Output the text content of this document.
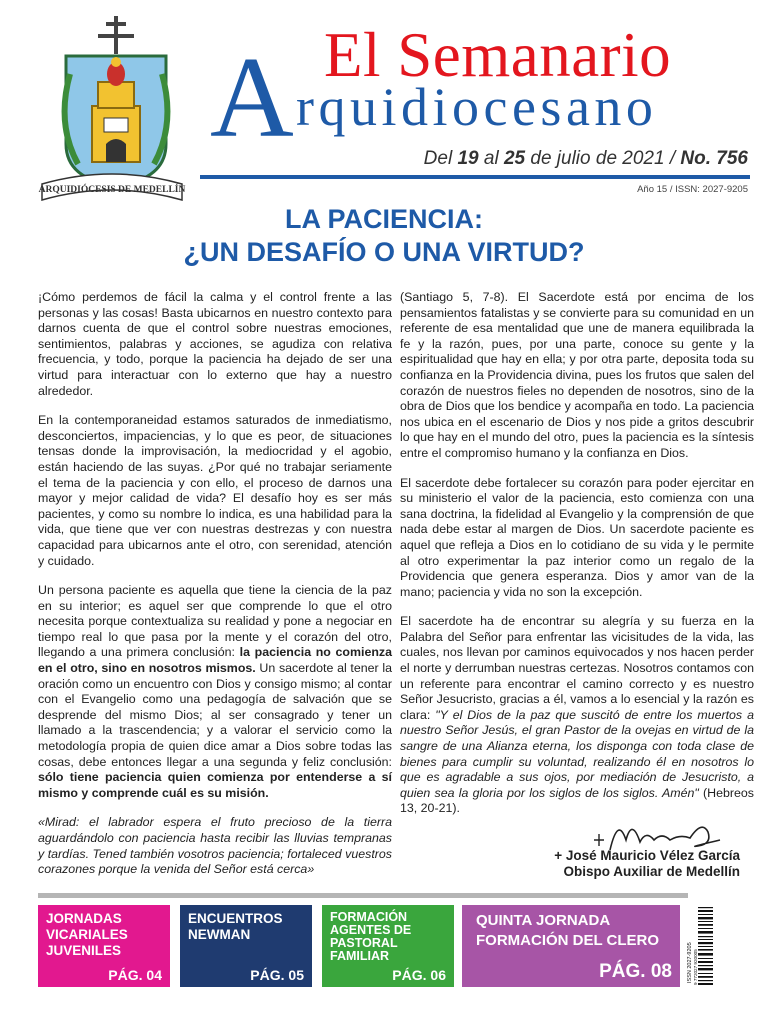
ARQUIDIÓCESIS DE MEDELLÍN
El Semanario
A rquidiocesano
Del 19 al 25 de julio de 2021 / No. 756
Año 15 / ISSN: 2027-9205
LA PACIENCIA:
¿UN DESAFÍO O UNA VIRTUD?

¡Cómo perdemos de fácil la calma y el control frente a las personas y las cosas! Basta ubicarnos en nuestro contexto para darnos cuenta de que el control sobre nuestras emociones, sentimientos, palabras y acciones, se agudiza con relativa frecuencia, y todo, porque la paciencia ha dejado de ser una virtud para interactuar con lo externo que hay a nuestro alrededor.

En la contemporaneidad estamos saturados de inmediatismo, desconciertos, impaciencias, y lo que es peor, de situaciones tensas donde la improvisación, la mediocridad y el agobio, están haciendo de las suyas. ¿Por qué no trabajar seriamente el tema de la paciencia y con ello, el proceso de darnos una mayor y mejor calidad de vida? El desafío hoy es ser más pacientes, y como su nombre lo indica, es una habilidad para la vida, que tiene que ver con nuestras destrezas y con nuestra capacidad para ubicarnos ante el otro, con serenidad, atención y cuidado.

Un persona paciente es aquella que tiene la ciencia de la paz en su interior; es aquel ser que comprende lo que el otro necesita porque contextualiza su realidad y pone a negociar en tiempo real lo que pasa por la mente y el corazón del otro, llegando a una primera conclusión: la paciencia no comienza en el otro, sino en nosotros mismos. Un sacerdote al tener la oración como un encuentro con Dios y consigo mismo; al contar con el Evangelio como una pedagogía de salvación que se desprende del mismo Dios; al ser consagrado y tener un llamado a la trascendencia; y a valorar el servicio como la metodología propia de quien dice amar a Dios sobre todas las cosas, debe entonces llegar a una segunda y feliz conclusión: sólo tiene paciencia quien comienza por entenderse a sí mismo y comprende cuál es su misión.

«Mirad: el labrador espera el fruto precioso de la tierra aguardándolo con paciencia hasta recibir las lluvias tempranas y tardías. Tened también vosotros paciencia; fortaleced vuestros corazones porque la venida del Señor está cerca»

(Santiago 5, 7-8). El Sacerdote está por encima de los pensamientos fatalistas y se convierte para su comunidad en un referente de esa mentalidad que une de manera equilibrada la fe y la razón, pues, por una parte, conoce su gente y la espiritualidad que hay en ella; y por otra parte, deposita toda su confianza en la Providencia divina, pues los frutos que salen del corazón de nuestros fieles no dependen de nosotros, sino de la obra de Dios que los bendice y acompaña en todo. La paciencia nos ubica en el escenario de Dios y nos pide a gritos descubrir lo que hay en el mundo del otro, pues la paciencia es la síntesis entre el compromiso humano y la confianza en Dios.

El sacerdote debe fortalecer su corazón para poder ejercitar en su ministerio el valor de la paciencia, esto comienza con una sana doctrina, la fidelidad al Evangelio y la comprensión de que nada debe estar al margen de Dios. Un sacerdote paciente es aquel que refleja a Dios en lo cotidiano de su vida y le permite al otro experimentar la paz interior como un regalo de la Providencia que genera esperanza. Dios y amor van de la mano; paciencia y vida no son la excepción.

El sacerdote ha de encontrar su alegría y su fuerza en la Palabra del Señor para enfrentar las vicisitudes de la vida, las cuales, nos llevan por caminos equivocados y nos hacen perder el norte y derrumban nuestras certezas. Nosotros contamos con un referente para encontrar el camino correcto y es nuestro Señor Jesucristo, gracias a él, vamos a lo esencial y la razón es clara: "Y el Dios de la paz que suscitó de entre los muertos a nuestro Señor Jesús, el gran Pastor de la ovejas en virtud de la sangre de una Alianza eterna, los disponga con toda clase de bienes para cumplir su voluntad, realizando él en nosotros lo que es agradable a sus ojos, por mediación de Jesucristo, a quien sea la gloria por los siglos de los siglos. Amén" (Hebreos 13, 20-21).

+ José Mauricio Vélez García
Obispo Auxiliar de Medellín
JORNADAS VICARIALES JUVENILES
PÁG. 04
ENCUENTROS NEWMAN
PÁG. 05
FORMACIÓN AGENTES DE PASTORAL FAMILIAR
PÁG. 06
QUINTA JORNADA FORMACIÓN DEL CLERO
PÁG. 08	ISSN 2027-9205 9 772027 920005
